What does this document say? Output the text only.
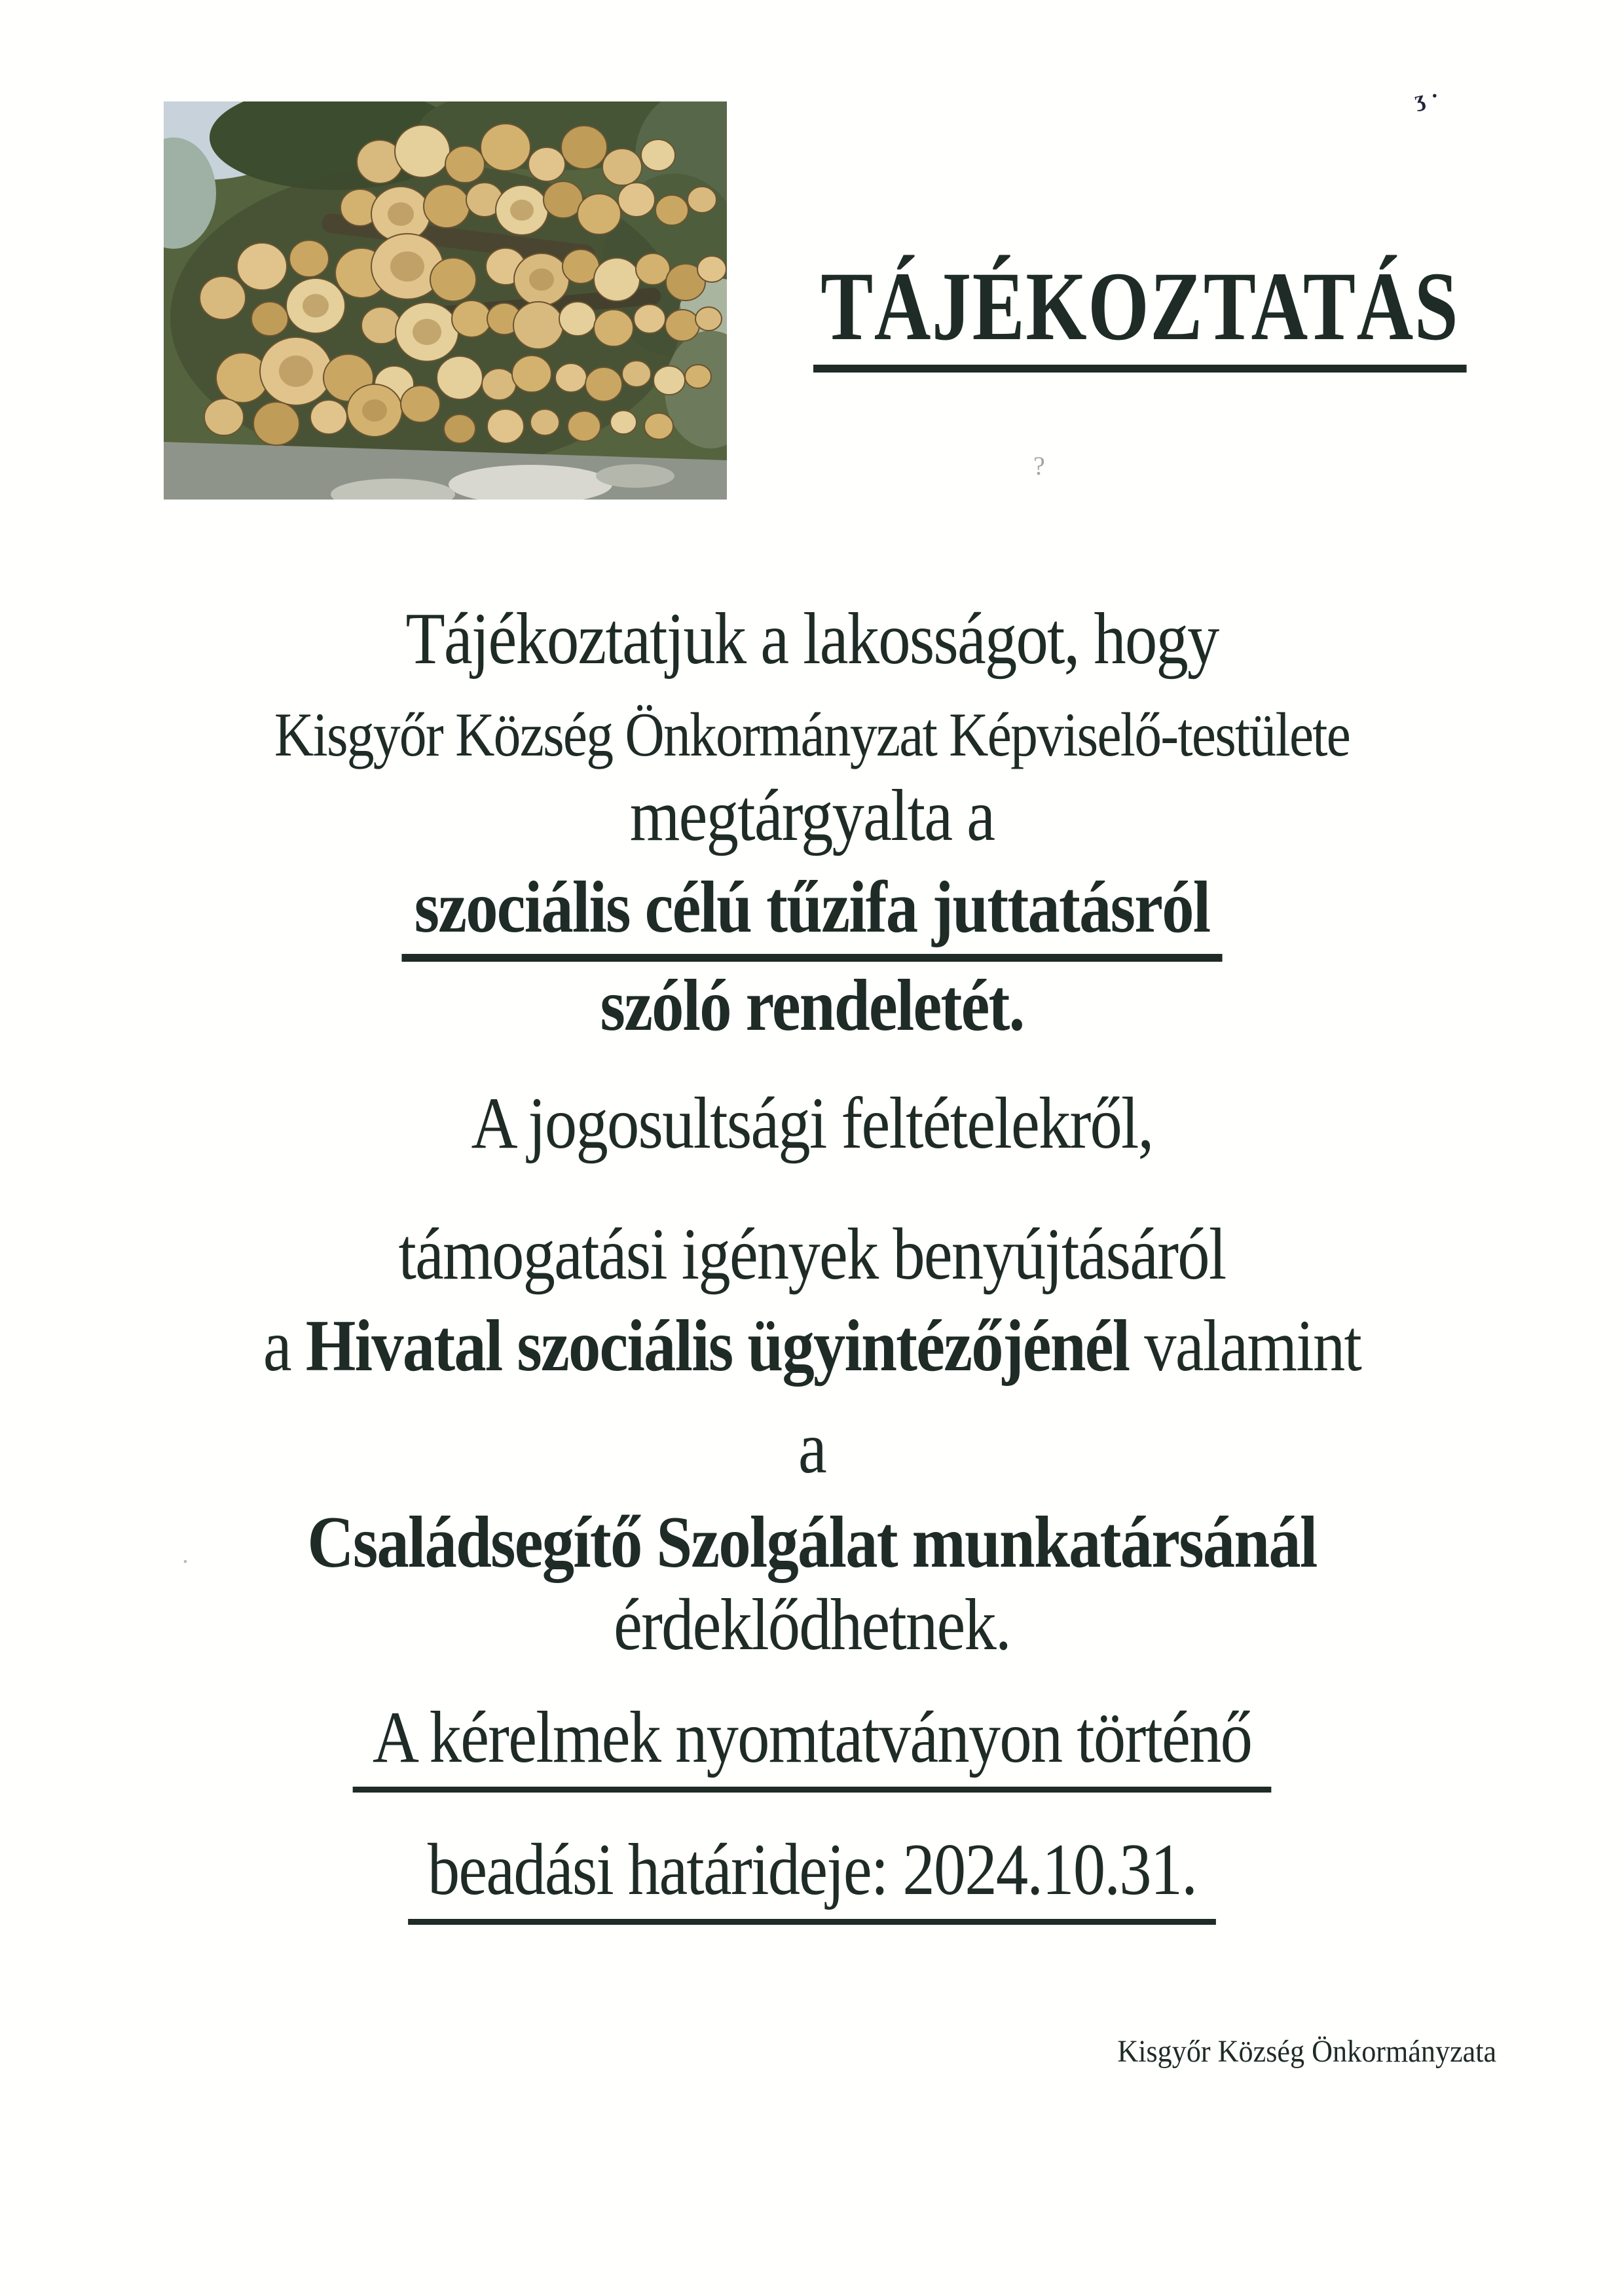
ʒ·
?
.
TÁJÉKOZTATÁS
Tájékoztatjuk a lakosságot, hogy
Kisgyőr Község Önkormányzat Képviselő-testülete
megtárgyalta a
szociális célú tűzifa juttatásról
szóló rendeletét.
A jogosultsági feltételekről,
támogatási igények benyújtásáról
a Hivatal szociális ügyintézőjénél valamint
a
Családsegítő Szolgálat munkatársánál
érdeklődhetnek.
A kérelmek nyomtatványon történő
beadási határideje: 2024.10.31.
Kisgyőr Község Önkormányzata
